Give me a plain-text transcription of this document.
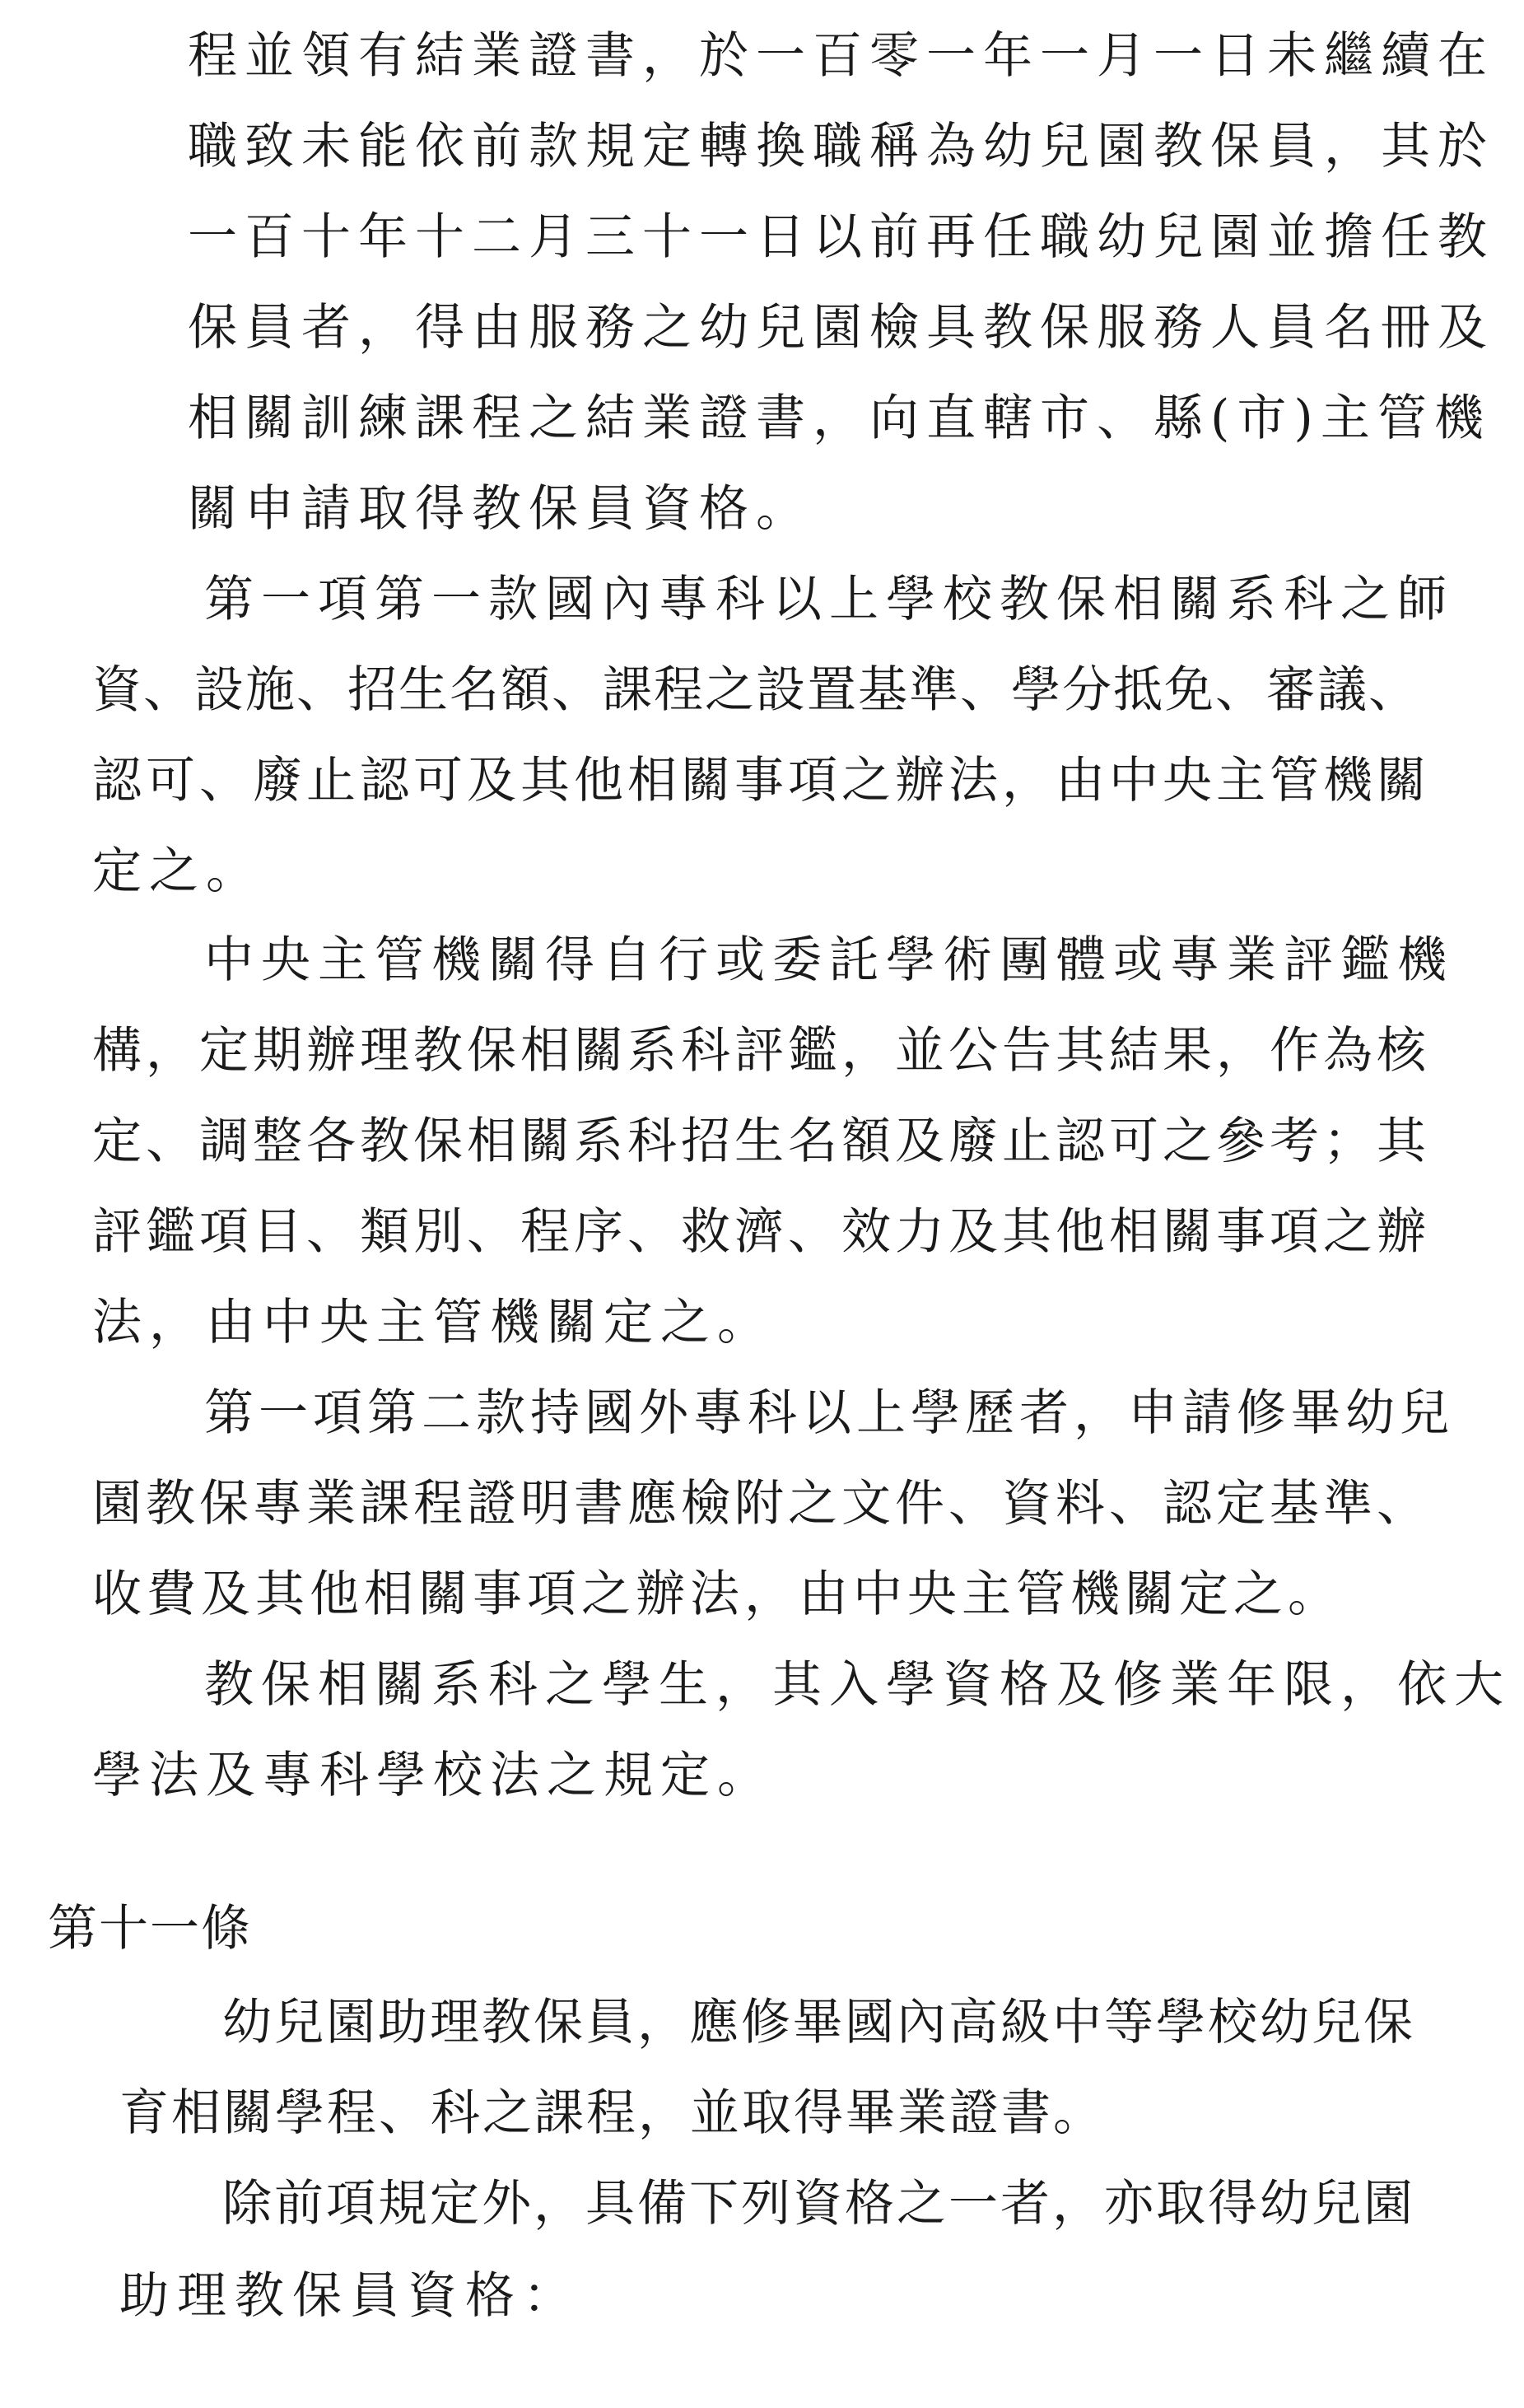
程並領有結業證書，於一百零一年一月一日未繼續在
職致未能依前款規定轉換職稱為幼兒園教保員，其於
一百十年十二月三十一日以前再任職幼兒園並擔任教
保員者，得由服務之幼兒園檢具教保服務人員名冊及
相關訓練課程之結業證書，向直轄市、縣(市)主管機
關申請取得教保員資格。
第一項第一款國內專科以上學校教保相關系科之師
資、設施、招生名額、課程之設置基準、學分抵免、審議、
認可、廢止認可及其他相關事項之辦法，由中央主管機關
定之。
中央主管機關得自行或委託學術團體或專業評鑑機
構，定期辦理教保相關系科評鑑，並公告其結果，作為核
定、調整各教保相關系科招生名額及廢止認可之參考；其
評鑑項目、類別、程序、救濟、效力及其他相關事項之辦
法，由中央主管機關定之。
第一項第二款持國外專科以上學歷者，申請修畢幼兒
園教保專業課程證明書應檢附之文件、資料、認定基準、
收費及其他相關事項之辦法，由中央主管機關定之。
教保相關系科之學生，其入學資格及修業年限，依大
學法及專科學校法之規定。
第十一條
幼兒園助理教保員，應修畢國內高級中等學校幼兒保
育相關學程、科之課程，並取得畢業證書。
除前項規定外，具備下列資格之一者，亦取得幼兒園
助理教保員資格：
